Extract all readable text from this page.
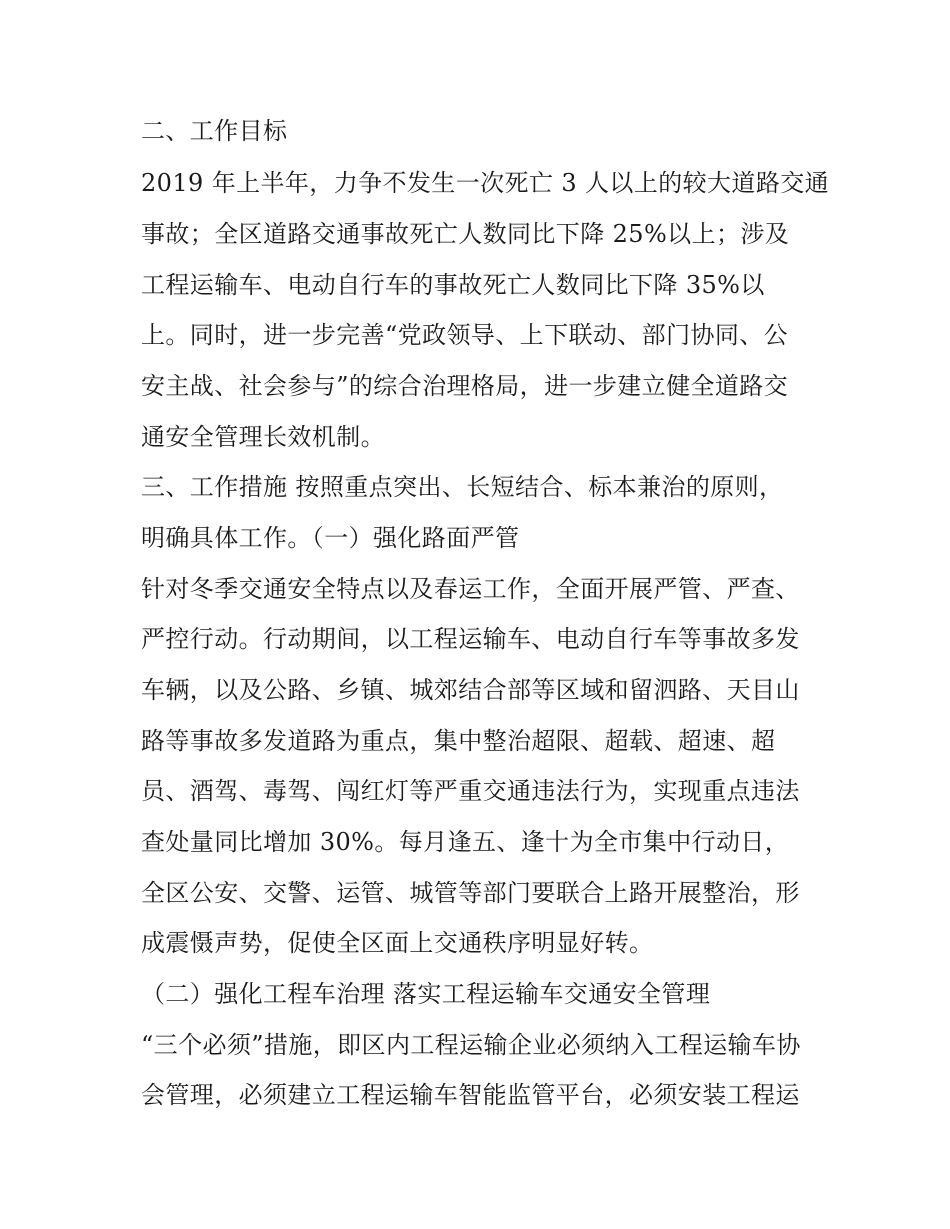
二、工作目标
2019 年上半年，力争不发生一次死亡 3 人以上的较大道路交通
事故；全区道路交通事故死亡人数同比下降 25%以上；涉及
工程运输车、电动自行车的事故死亡人数同比下降 35%以
上。同时，进一步完善“党政领导、上下联动、部门协同、公
安主战、社会参与”的综合治理格局，进一步建立健全道路交
通安全管理长效机制。
三、工作措施 按照重点突出、长短结合、标本兼治的原则，
明确具体工作。（一）强化路面严管
针对冬季交通安全特点以及春运工作，全面开展严管、严查、
严控行动。行动期间，以工程运输车、电动自行车等事故多发
车辆，以及公路、乡镇、城郊结合部等区域和留泗路、天目山
路等事故多发道路为重点，集中整治超限、超载、超速、超
员、酒驾、毒驾、闯红灯等严重交通违法行为，实现重点违法
查处量同比增加 30%。每月逢五、逢十为全市集中行动日，
全区公安、交警、运管、城管等部门要联合上路开展整治，形
成震慑声势，促使全区面上交通秩序明显好转。
（二）强化工程车治理 落实工程运输车交通安全管理
“三个必须”措施，即区内工程运输企业必须纳入工程运输车协
会管理，必须建立工程运输车智能监管平台，必须安装工程运
